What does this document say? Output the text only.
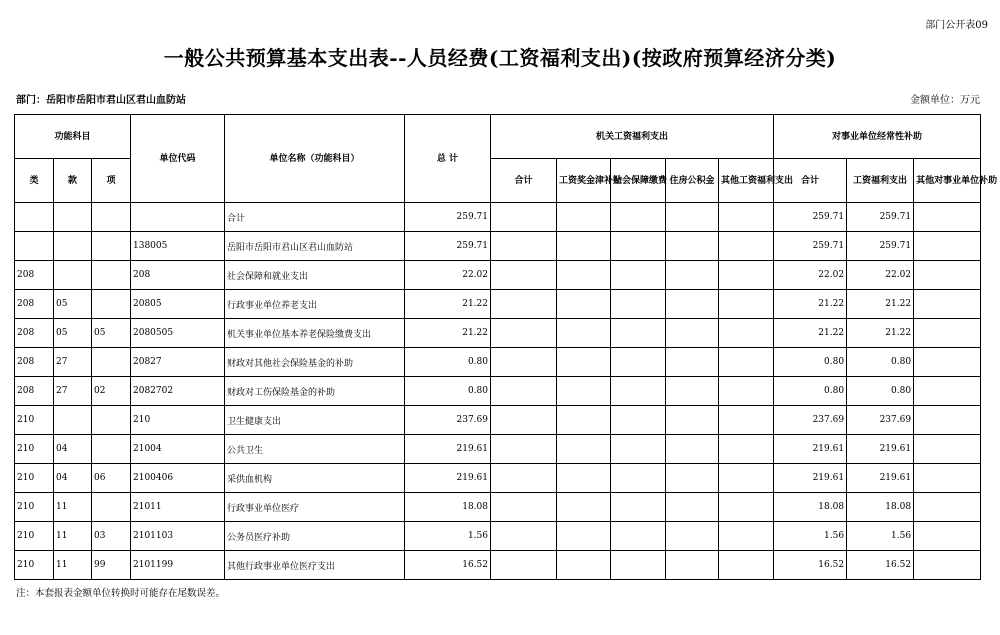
部门公开表09
一般公共预算基本支出表--人员经费(工资福利支出)(按政府预算经济分类)
部门：岳阳市岳阳市君山区君山血防站	金额单位：万元
功能科目			单位代码	单位名称（功能科目）	总 计	机关工资福利支出					对事业单位经常性补助		
类	款	项				合计	工资奖金津补贴	社会保障缴费	住房公积金	其他工资福利支出	合计	工资福利支出	其他对事业单位补助
				合计	259.71						259.71	259.71	
			138005	岳阳市岳阳市君山区君山血防站	259.71						259.71	259.71	
208			208	社会保障和就业支出	22.02						22.02	22.02	
208	05		20805	行政事业单位养老支出	21.22						21.22	21.22	
208	05	05	2080505	机关事业单位基本养老保险缴费支出	21.22						21.22	21.22	
208	27		20827	财政对其他社会保险基金的补助	0.80						0.80	0.80	
208	27	02	2082702	财政对工伤保险基金的补助	0.80						0.80	0.80	
210			210	卫生健康支出	237.69						237.69	237.69	
210	04		21004	公共卫生	219.61						219.61	219.61	
210	04	06	2100406	采供血机构	219.61						219.61	219.61	
210	11		21011	行政事业单位医疗	18.08						18.08	18.08	
210	11	03	2101103	公务员医疗补助	1.56						1.56	1.56	
210	11	99	2101199	其他行政事业单位医疗支出	16.52						16.52	16.52	
注：本套报表金额单位转换时可能存在尾数误差。
